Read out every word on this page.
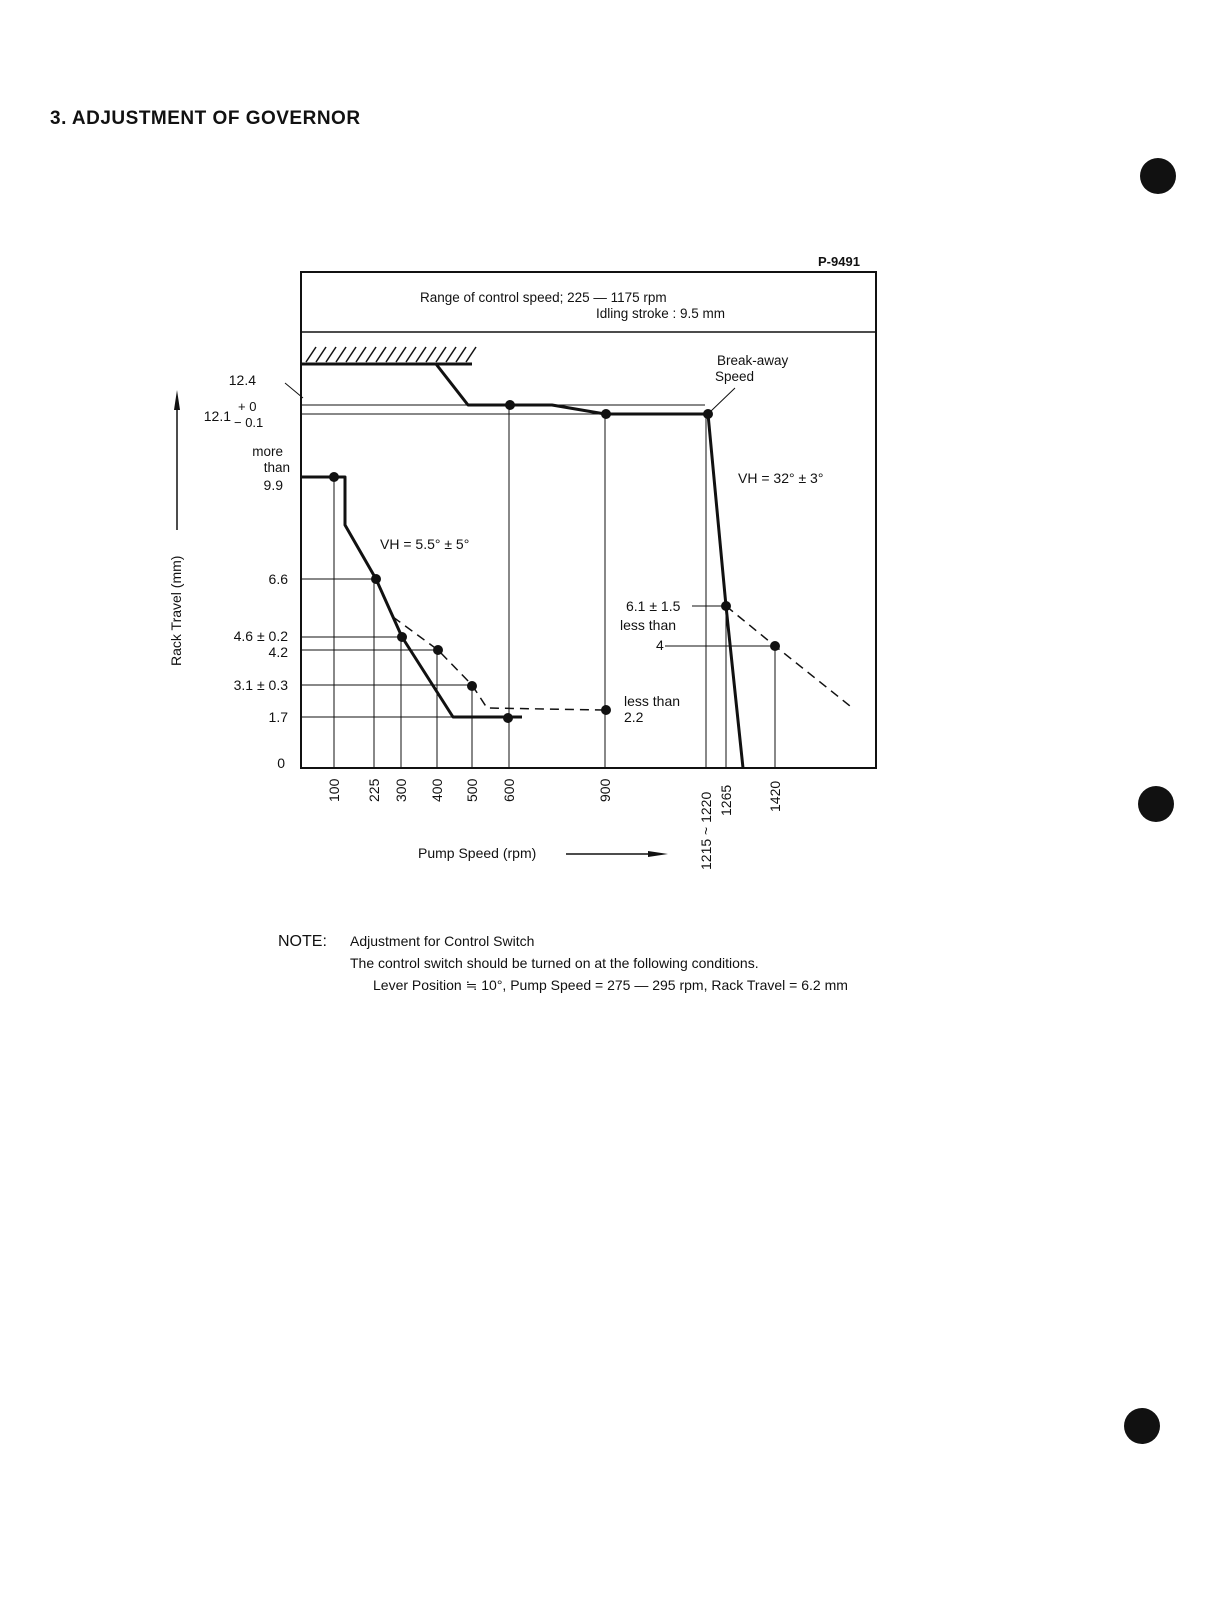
3. ADJUSTMENT OF GOVERNOR
P-9491
Range of control speed; 225 — 1175 rpm
Idling stroke : 9.5 mm
12.4
12.1
+ 0
− 0.1
more
than
9.9
6.6
4.6 ± 0.2
4.2
3.1 ± 0.3
1.7
0
Rack Travel (mm)
Break-away
Speed
VH = 32° ± 3°
VH = 5.5° ± 5°
6.1 ± 1.5
less than
4
less than
2.2
100 225 300 400 500 600	900
1215 ~ 1220 1265 1420
Pump Speed (rpm)
NOTE: Adjustment for Control Switch
The control switch should be turned on at the following conditions.
Lever Position ≒ 10°, Pump Speed = 275 — 295 rpm, Rack Travel = 6.2 mm
